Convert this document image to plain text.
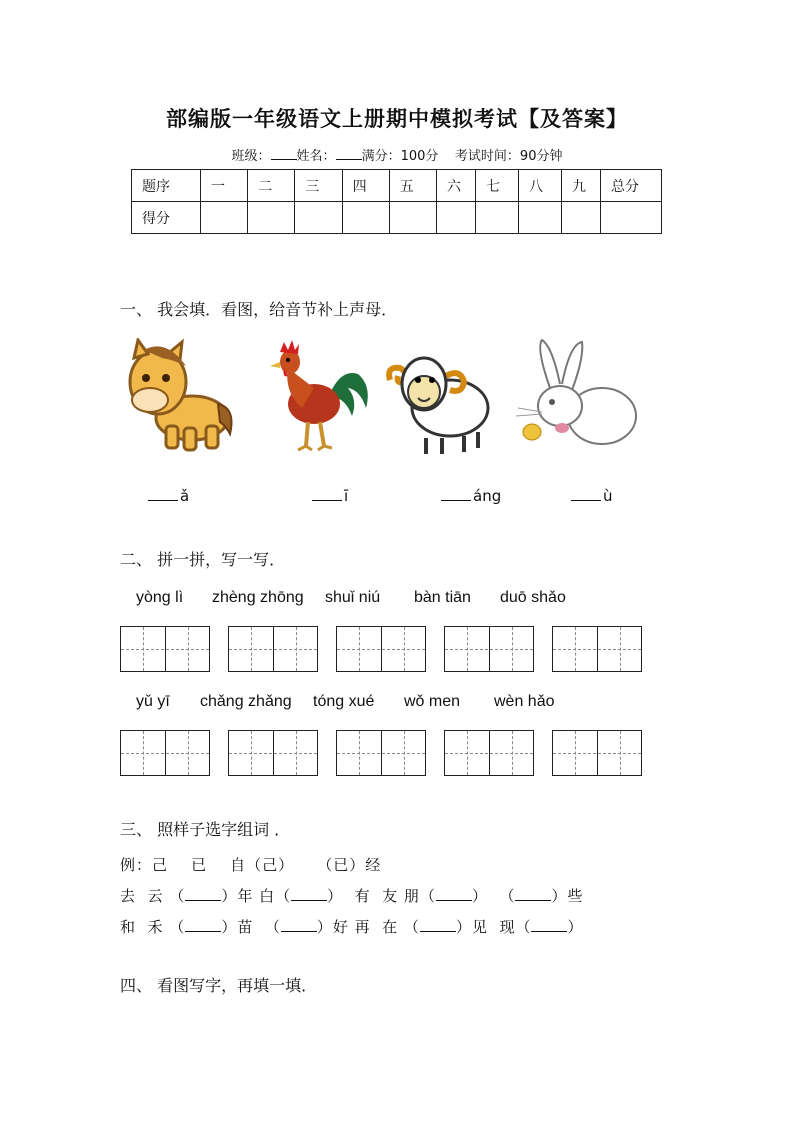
部编版一年级语文上册期中模拟考试【及答案】
班级： 姓名： 满分：100分 考试时间：90分钟
题序	一	二	三	四	五	六	七	八	九	总分
得分										
一、 我会填．看图，给音节补上声母．
ǎ	ī	áng	ù
二、 拼一拼，写一写．
yòng lì zhèng zhōng shuǐ niú bàn tiān duō shǎo
yǔ yī chǎng zhǎng tóng xué wǒ men wèn hǎo
三、 照样子选字组词 ．
例：己    已    自（己）    （已）经
去  云 （ ）年 白（ ）  有  友 朋（ ）  （ ）些
和  禾 （ ）苗  （ ）好 再  在 （ ）见  现（ ）
四、 看图写字，再填一填．
